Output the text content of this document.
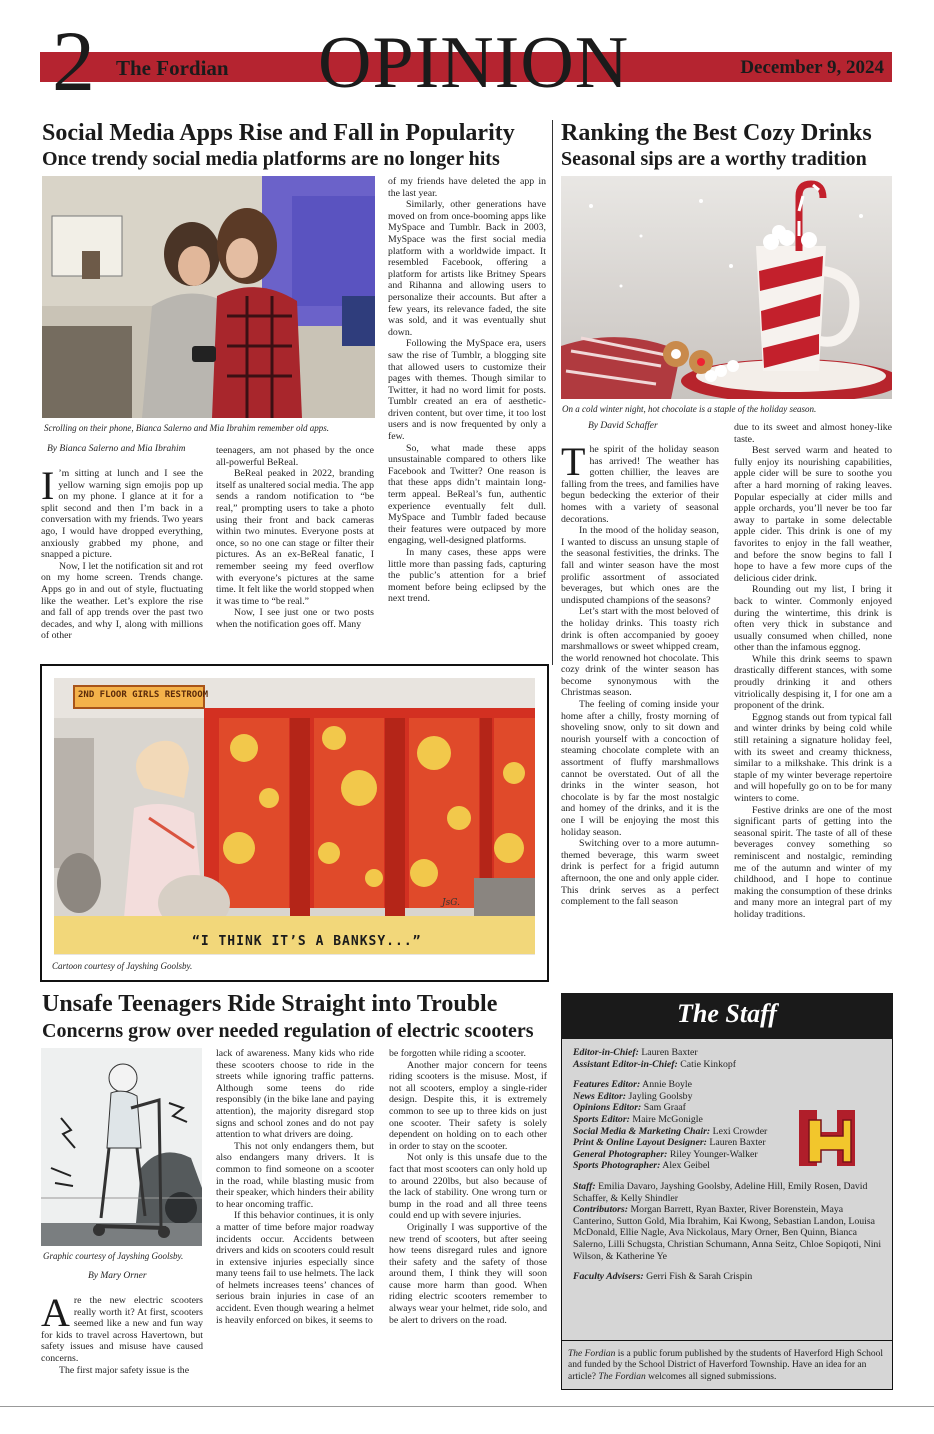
2 The Fordian OPINION	December 9, 2024
Social Media Apps Rise and Fall in Popularity
Once trendy social media platforms are no longer hits
Scrolling on their phone, Bianca Salerno and Mia Ibrahim remember old apps.
By Bianca Salerno and Mia Ibrahim
I ’m sitting at lunch and I see the yellow warning sign emojis pop up on my phone. I glance at it for a split second and then I’m back in a conversation with my friends. Two years ago, I would have dropped everything, anxiously grabbed my phone, and snapped a picture.

Now, I let the notification sit and rot on my home screen. Trends change. Apps go in and out of style, fluctuating like the weather. Let’s explore the rise and fall of app trends over the past two decades, and why I, along with millions of other

teenagers, am not phased by the once all-powerful BeReal.

BeReal peaked in 2022, branding itself as unaltered social media. The app sends a random notification to “be real,” prompting users to take a photo using their front and back cameras within two minutes. Everyone posts at once, so no one can stage or filter their pictures. As an ex-BeReal fanatic, I remember seeing my feed overflow with everyone’s pictures at the same time. It felt like the world stopped when it was time to “be real.”

Now, I see just one or two posts when the notification goes off. Many

of my friends have deleted the app in the last year.

Similarly, other generations have moved on from once-booming apps like MySpace and Tumblr. Back in 2003, MySpace was the first social media platform with a worldwide impact. It resembled Facebook, offering a platform for artists like Britney Spears and Rihanna and allowing users to personalize their accounts. But after a few years, its relevance faded, the site was sold, and it was eventually shut down.

Following the MySpace era, users saw the rise of Tumblr, a blogging site that allowed users to customize their pages with themes. Though similar to Twitter, it had no word limit for posts. Tumblr created an era of aesthetic-driven content, but over time, it too lost users and is now frequented by only a few.

So, what made these apps unsustainable compared to others like Facebook and Twitter? One reason is that these apps didn’t maintain long-term appeal. BeReal’s fun, authentic experience eventually felt dull. MySpace and Tumblr faded because their features were outpaced by more engaging, well-designed platforms.

In many cases, these apps were little more than passing fads, capturing the public’s attention for a brief moment before being eclipsed by the next trend.

Ranking the Best Cozy Drinks
Seasonal sips are a worthy tradition
On a cold winter night, hot chocolate is a staple of the holiday season.
By David Schaffer
T he spirit of the holiday season has arrived! The weather has gotten chillier, the leaves are falling from the trees, and families have begun bedecking the exterior of their homes with a variety of seasonal decorations.

In the mood of the holiday season, I wanted to discuss an unsung staple of the seasonal festivities, the drinks. The fall and winter season have the most prolific assortment of associated beverages, but which ones are the undisputed champions of the seasons?

Let’s start with the most beloved of the holiday drinks. This toasty rich drink is often accompanied by gooey marshmallows or sweet whipped cream, the world renowned hot chocolate. This cozy drink of the winter season has become synonymous with the Christmas season.

The feeling of coming inside your home after a chilly, frosty morning of shoveling snow, only to sit down and nourish yourself with a concoction of steaming chocolate complete with an assortment of fluffy marshmallows cannot be overstated. Out of all the drinks in the winter season, hot chocolate is by far the most nostalgic and homey of the drinks, and it is the one I will be enjoying the most this holiday season.

Switching over to a more autumn-themed beverage, this warm sweet drink is perfect for a frigid autumn afternoon, the one and only apple cider. This drink serves as a perfect complement to the fall season

due to its sweet and almost honey-like taste.

Best served warm and heated to fully enjoy its nourishing capabilities, apple cider will be sure to soothe you after a hard morning of raking leaves. Popular especially at cider mills and apple orchards, you’ll never be too far away to partake in some delectable apple cider. This drink is one of my favorites to enjoy in the fall weather, and before the snow begins to fall I hope to have a few more cups of the delicious cider drink.

Rounding out my list, I bring it back to winter. Commonly enjoyed during the wintertime, this drink is often very thick in substance and usually consumed when chilled, none other than the infamous eggnog.

While this drink seems to spawn drastically different stances, with some proudly drinking it and others vitriolically despising it, I for one am a proponent of the drink.

Eggnog stands out from typical fall and winter drinks by being cold while still retaining a signature holiday feel, with its sweet and creamy thickness, similar to a milkshake. This drink is a staple of my winter beverage repertoire and will hopefully go on to be for many winters to come.

Festive drinks are one of the most significant parts of getting into the seasonal spirit. The taste of all of these beverages convey something so reminiscent and nostalgic, reminding me of the autumn and winter of my childhood, and I hope to continue making the consumption of these drinks and many more an integral part of my holiday traditions.

2ND FLOOR GIRLS RESTROOM
“I THINK IT’S A BANKSY...”
JsG.
Cartoon courtesy of Jayshing Goolsby.
Unsafe Teenagers Ride Straight into Trouble
Concerns grow over needed regulation of electric scooters
Graphic courtesy of Jayshing Goolsby.
By Mary Orner
A re the new electric scooters really worth it? At first, scooters seemed like a new and fun way for kids to travel across Havertown, but safety issues and misuse have caused concerns.

The first major safety issue is the

lack of awareness. Many kids who ride these scooters choose to ride in the streets while ignoring traffic patterns. Although some teens do ride responsibly (in the bike lane and paying attention), the majority disregard stop signs and school zones and do not pay attention to what drivers are doing.

This not only endangers them, but also endangers many drivers. It is common to find someone on a scooter in the road, while blasting music from their speaker, which hinders their ability to hear oncoming traffic.

If this behavior continues, it is only a matter of time before major roadway incidents occur. Accidents between drivers and kids on scooters could result in extensive injuries especially since many teens fail to use helmets. The lack of helmets increases teens’ chances of serious brain injuries in case of an accident. Even though wearing a helmet is heavily enforced on bikes, it seems to

be forgotten while riding a scooter.

Another major concern for teens riding scooters is the misuse. Most, if not all scooters, employ a single-rider design. Despite this, it is extremely common to see up to three kids on just one scooter. Their safety is solely dependent on holding on to each other in order to stay on the scooter.

Not only is this unsafe due to the fact that most scooters can only hold up to around 220lbs, but also because of the lack of stability. One wrong turn or bump in the road and all three teens could end up with severe injuries.

Originally I was supportive of the new trend of scooters, but after seeing how teens disregard rules and ignore their safety and the safety of those around them, I think they will soon cause more harm than good. When riding electric scooters remember to always wear your helmet, ride solo, and be alert to drivers on the road.

The Staff

Editor-in-Chief: Lauren Baxter
Assistant Editor-in-Chief: Catie Kinkopf

Features Editor: Annie Boyle
News Editor: Jayling Goolsby
Opinions Editor: Sam Graaf
Sports Editor: Maire McGonigle
Social Media & Marketing Chair: Lexi Crowder
Print & Online Layout Designer: Lauren Baxter
General Photographer: Riley Younger-Walker
Sports Photographer: Alex Geibel

Staff: Emilia Davaro, Jayshing Goolsby, Adeline Hill, Emily Rosen, David Schaffer, & Kelly Shindler
Contributors: Morgan Barrett, Ryan Baxter, River Borenstein, Maya Canterino, Sutton Gold, Mia Ibrahim, Kai Kwong, Sebastian Landon, Louisa McDonald, Ellie Nagle, Ava Nickolaus, Mary Orner, Ben Quinn, Bianca Salerno, Lilli Schugsta, Christian Schumann, Anna Seitz, Chloe Sopiqoti, Nini Wilson, & Katherine Ye

Faculty Advisers: Gerri Fish & Sarah Crispin

The Fordian is a public forum published by the students of Haverford High School and funded by the School District of Haverford Township. Have an idea for an article? The Fordian welcomes all signed submissions.
